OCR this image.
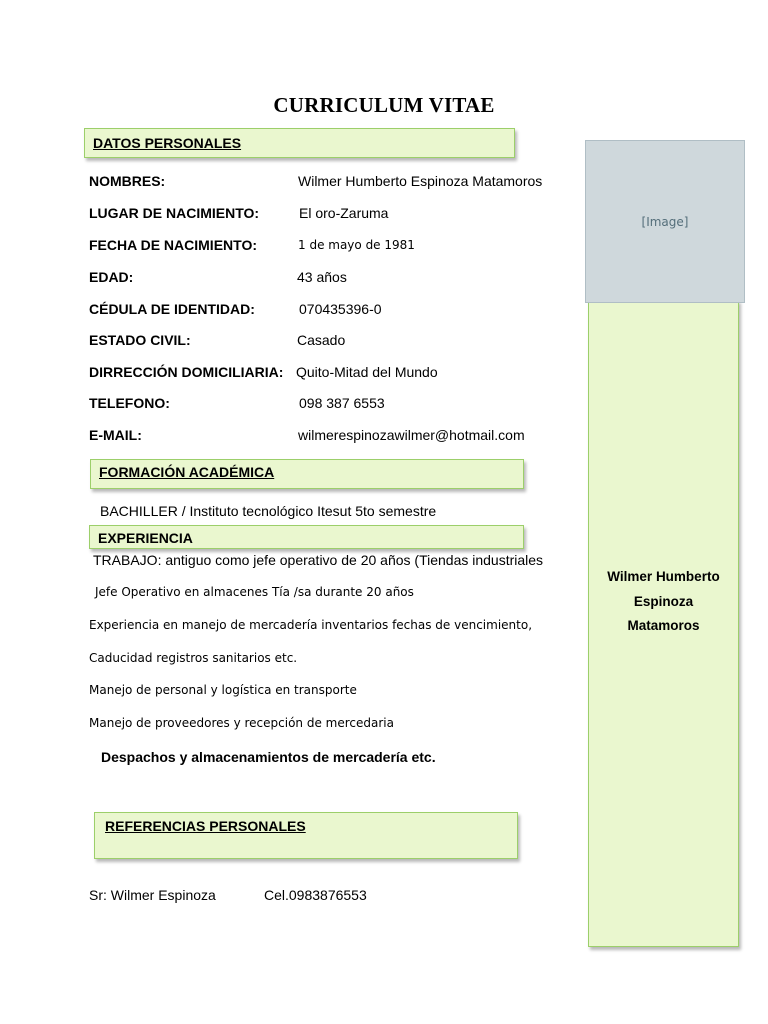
CURRICULUM VITAE
DATOS PERSONALES
NOMBRES:	Wilmer Humberto Espinoza Matamoros
LUGAR DE NACIMIENTO:	El oro-Zaruma
FECHA DE NACIMIENTO:	1 de mayo de 1981
EDAD:	43 años
CÉDULA DE IDENTIDAD:	070435396-0
ESTADO CIVIL:	Casado
DIRRECCIÓN DOMICILIARIA: Quito-Mitad del Mundo
TELEFONO:	098 387 6553
E-MAIL:	wilmerespinozawilmer@hotmail.com
FORMACIÓN ACADÉMICA
BACHILLER / Instituto tecnológico Itesut 5to semestre
EXPERIENCIA
TRABAJO: antiguo como jefe operativo de 20 años (Tiendas industriales
Jefe Operativo en almacenes Tía /sa durante 20 años
Experiencia en manejo de mercadería inventarios fechas de vencimiento,
Caducidad registros sanitarios etc.
Manejo de personal y logística en transporte
Manejo de proveedores y recepción de mercedaria
Despachos y almacenamientos de mercadería etc.
REFERENCIAS PERSONALES
Sr: Wilmer Espinoza	Cel.0983876553
Wilmer Humberto
Espinoza
Matamoros
[Image]
